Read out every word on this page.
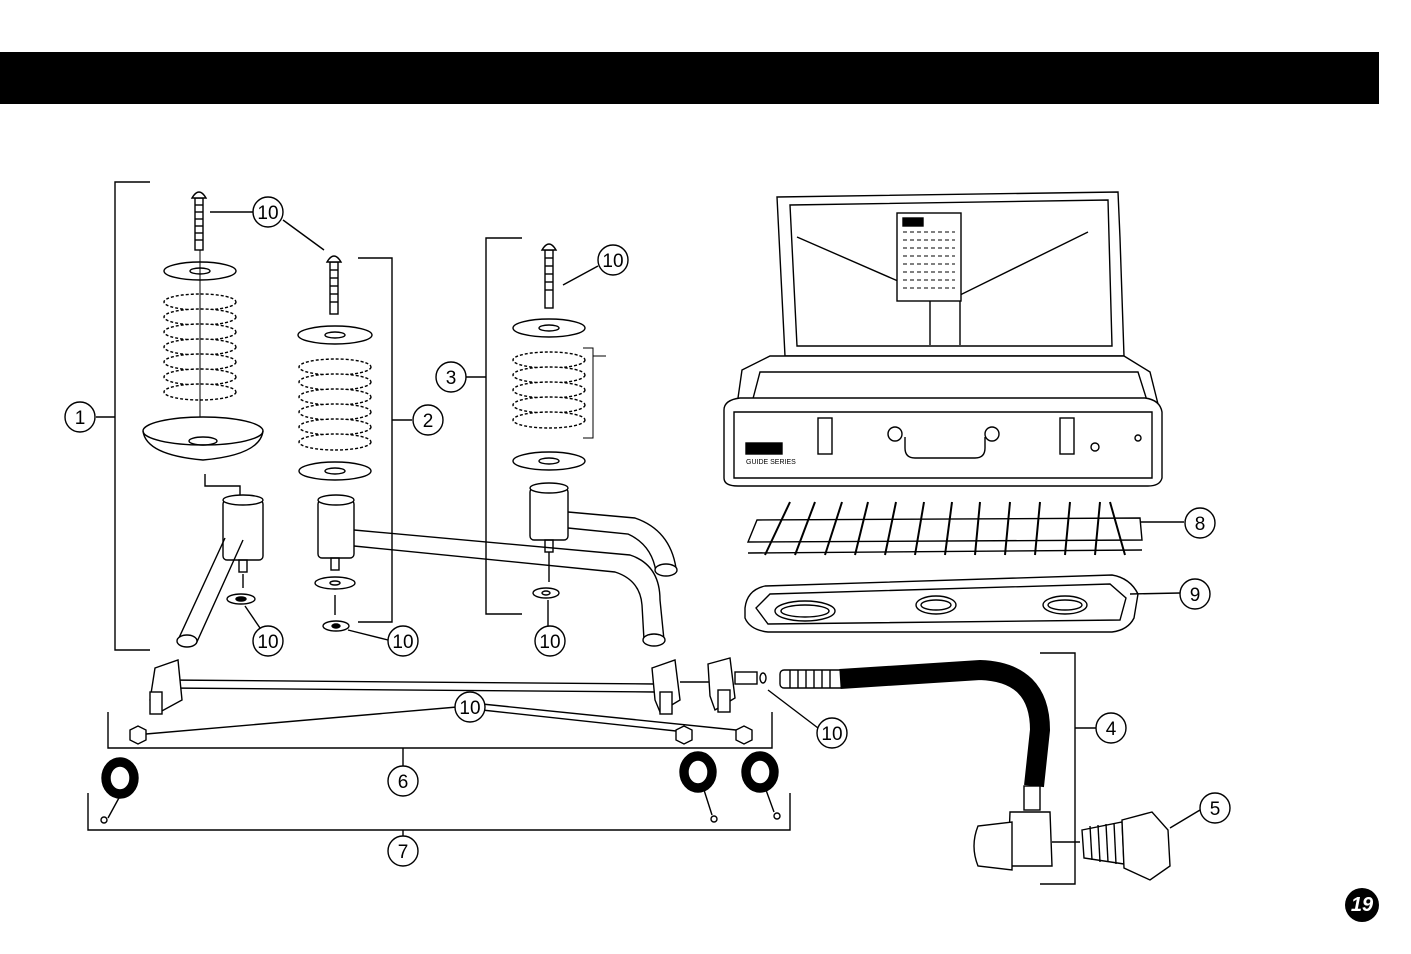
GUIDE SERIES
1	2
3
4
5
6
7
8
9
10
10
10	10	10
10
10
19
